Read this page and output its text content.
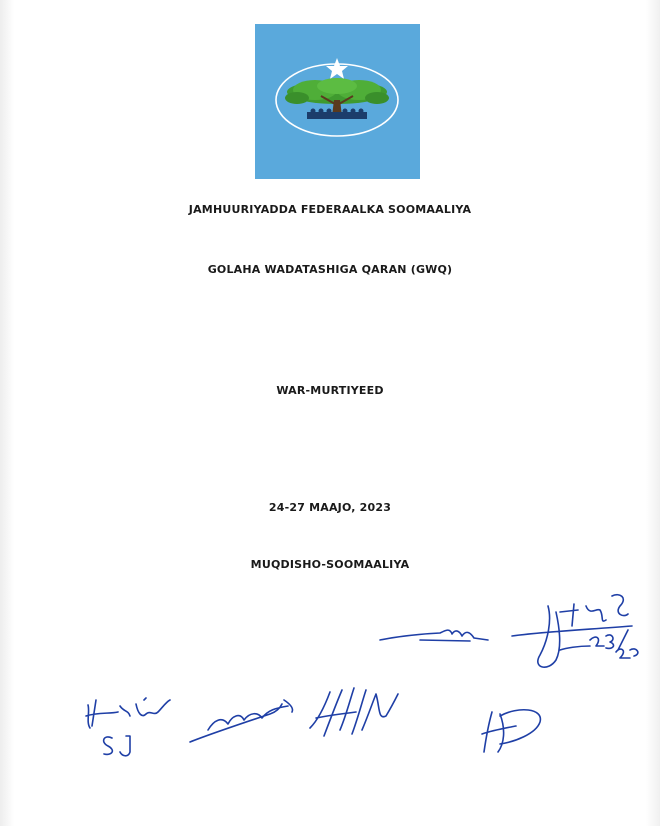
JAMHUURIYADDA FEDERAALKA SOOMAALIYA
GOLAHA WADATASHIGA QARAN (GWQ)
WAR-MURTIYEED
24-27 MAAJO, 2023
MUQDISHO-SOOMAALIYA
